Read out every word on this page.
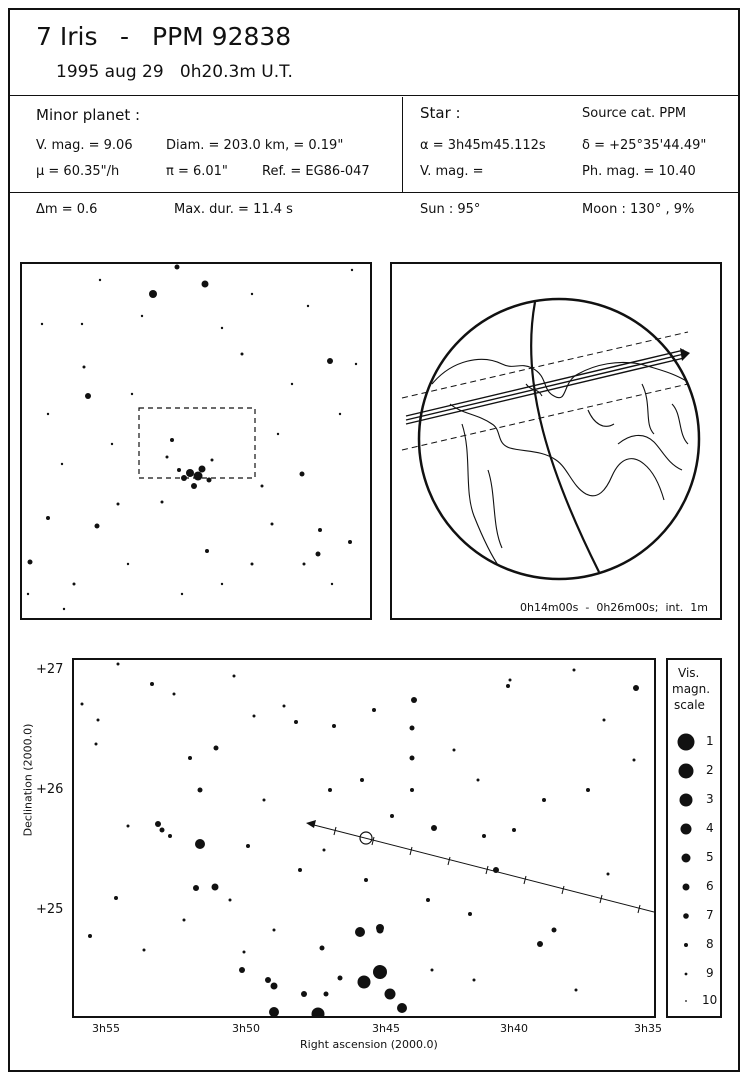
7 Iris - PPM 92838
1995 aug 29   0h20.3m U.T.
Minor planet :
V. mag. = 9.06	Diam. = 203.0 km, = 0.19"
μ = 60.35"/h	π = 6.01"	Ref. = EG86-047
Star :	Source cat. PPM
α = 3h45m45.112s	δ = +25°35'44.49"
V. mag. =	Ph. mag. = 10.40
Δm = 0.6	Max. dur. = 11.4 s	Sun : 95°	Moon : 130° , 9%
0h14m00s  -  0h26m00s;  int.  1m
+27
+26
+25
Declination (2000.0)
3h55	3h50	3h45	3h40	3h35
Right ascension (2000.0)
Vis.
magn.
scale
1
2
3
4
5
6
7
8
9
10
